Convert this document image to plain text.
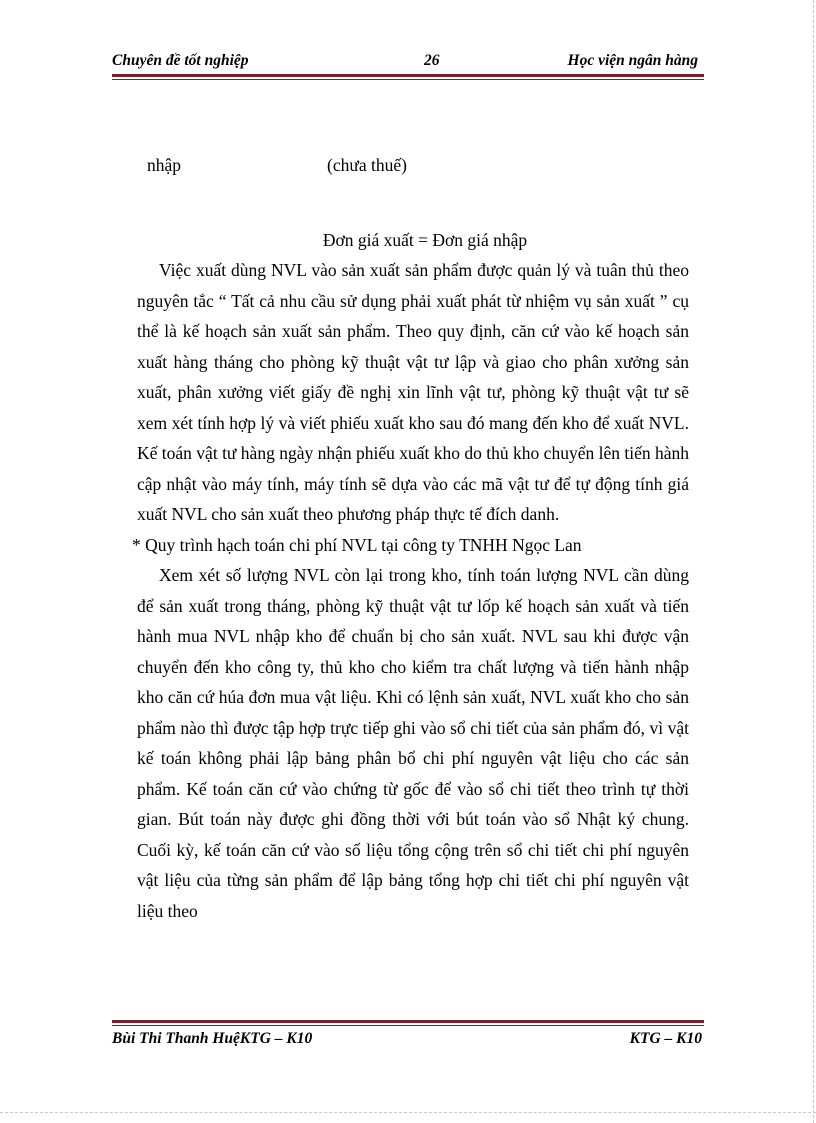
Chuyên đề tốt nghiệp	26	Học viện ngân hàng
nhập	(chưa thuế)
Đơn giá xuất = Đơn giá nhập

Việc xuất dùng NVL vào sản xuất sản phẩm được quản lý và tuân thủ theo nguyên tắc “ Tất cả nhu cầu sử dụng phải xuất phát từ nhiệm vụ sản xuất ” cụ thể là kế hoạch sản xuất sản phẩm. Theo quy định, căn cứ vào kế hoạch sản xuất hàng tháng cho phòng kỹ thuật vật tư lập và giao cho phân xưởng sản xuất, phân xưởng viết giấy đề nghị xin lĩnh vật tư, phòng kỹ thuật vật tư sẽ xem xét tính hợp lý và viết phiếu xuất kho sau đó mang đến kho để xuất NVL. Kế toán vật tư hàng ngày nhận phiếu xuất kho do thủ kho chuyển lên tiến hành cập nhật vào máy tính, máy tính sẽ dựa vào các mã vật tư để tự động tính giá xuất NVL cho sản xuất theo phương pháp thực tế đích danh.

* Quy trình hạch toán chi phí NVL tại công ty TNHH Ngọc Lan

Xem xét số lượng NVL còn lại trong kho, tính toán lượng NVL cần dùng để sản xuất trong tháng, phòng kỹ thuật vật tư lốp kế hoạch sản xuất và tiến hành mua NVL nhập kho để chuẩn bị cho sản xuất. NVL sau khi được vận chuyển đến kho công ty, thủ kho cho kiểm tra chất lượng và tiến hành nhập kho căn cứ húa đơn mua vật liệu. Khi có lệnh sản xuất, NVL xuất kho cho sản phẩm nào thì được tập hợp trực tiếp ghi vào sổ chi tiết của sản phẩm đó, vì vật kế toán không phải lập bảng phân bổ chi phí nguyên vật liệu cho các sản phẩm. Kế toán căn cứ vào chứng từ gốc để vào sổ chi tiết theo trình tự thời gian. Bút toán này được ghi đồng thời với bút toán vào sổ Nhật ký chung. Cuối kỳ, kế toán căn cứ vào số liệu tổng cộng trên sổ chi tiết chi phí nguyên vật liệu của từng sản phẩm để lập bảng tổng hợp chi tiết chi phí nguyên vật liệu theo

Bùi Thi Thanh HuệKTG – K10	KTG – K10
